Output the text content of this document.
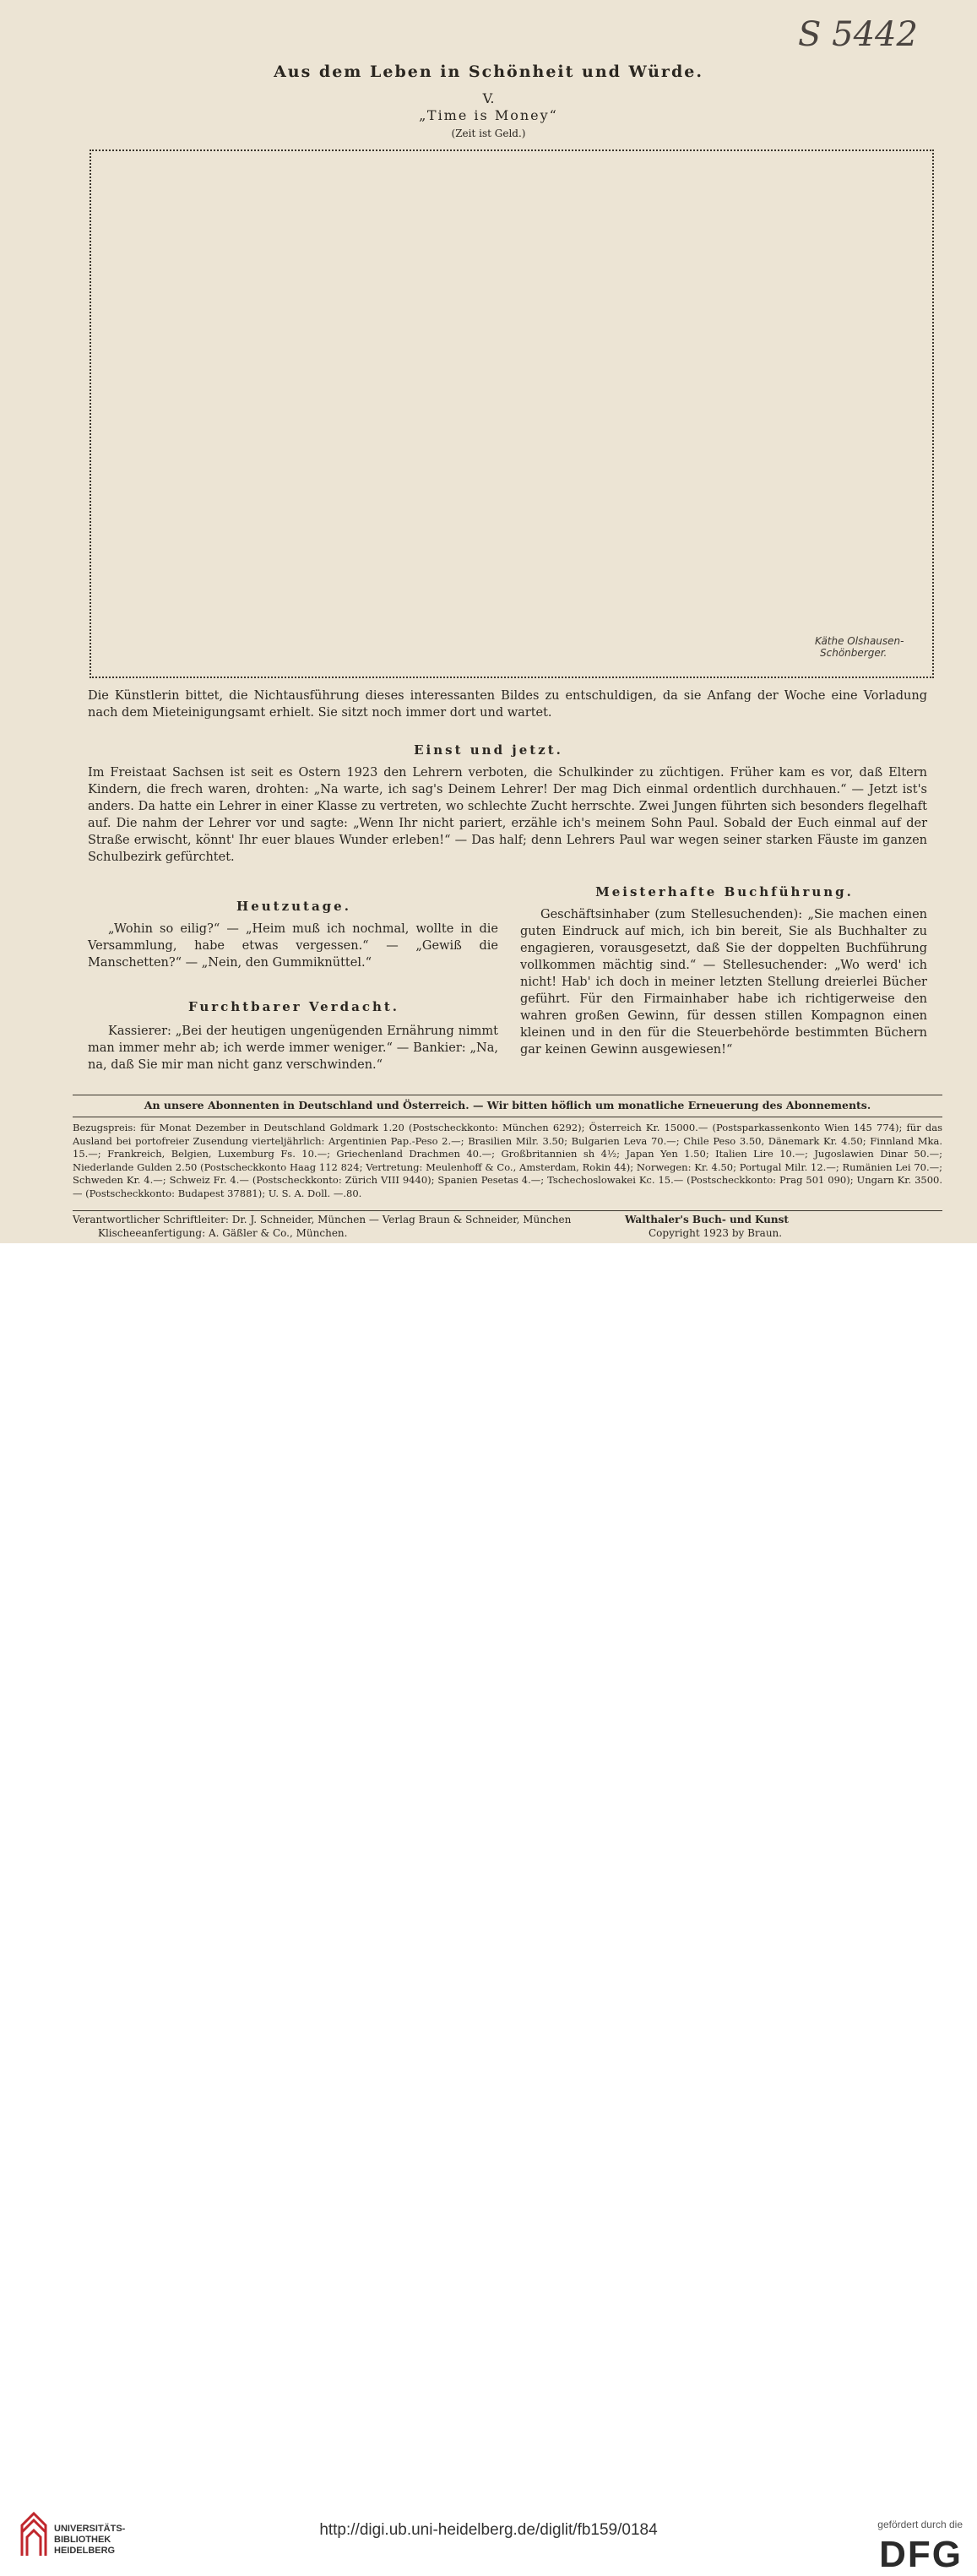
S 5442
Aus dem Leben in Schönheit und Würde.
V.
„Time is Money“
(Zeit ist Geld.)
Käthe Olshausen-
Schönberger.
Die Künstlerin bittet, die Nichtausführung dieses interessanten Bildes zu entschuldigen, da sie Anfang der Woche eine Vorladung nach dem Mieteinigungsamt erhielt. Sie sitzt noch immer dort und wartet.
Einst und jetzt.
Im Freistaat Sachsen ist seit es Ostern 1923 den Lehrern verboten, die Schulkinder zu züchtigen. Früher kam es vor, daß Eltern Kindern, die frech waren, drohten: „Na warte, ich sag's Deinem Lehrer! Der mag Dich einmal ordentlich durchhauen.“ — Jetzt ist's anders. Da hatte ein Lehrer in einer Klasse zu vertreten, wo schlechte Zucht herrschte. Zwei Jungen führten sich besonders flegelhaft auf. Die nahm der Lehrer vor und sagte: „Wenn Ihr nicht pariert, erzähle ich's meinem Sohn Paul. Sobald der Euch einmal auf der Straße erwischt, könnt' Ihr euer blaues Wunder erleben!“ — Das half; denn Lehrers Paul war wegen seiner starken Fäuste im ganzen Schulbezirk gefürchtet.
Heutzutage.
„Wohin so eilig?“ — „Heim muß ich nochmal, wollte in die Versammlung, habe etwas vergessen.“ — „Gewiß die Manschetten?“ — „Nein, den Gummiknüttel.“
Furchtbarer Verdacht.
Kassierer: „Bei der heutigen ungenügenden Ernährung nimmt man immer mehr ab; ich werde immer weniger.“ — Bankier: „Na, na, daß Sie mir man nicht ganz verschwinden.“
Meisterhafte Buchführung.
Geschäftsinhaber (zum Stellesuchenden): „Sie machen einen guten Eindruck auf mich, ich bin bereit, Sie als Buchhalter zu engagieren, vorausgesetzt, daß Sie der doppelten Buchführung vollkommen mächtig sind.“ — Stellesuchender: „Wo werd' ich nicht! Hab' ich doch in meiner letzten Stellung dreierlei Bücher geführt. Für den Firmainhaber habe ich richtigerweise den wahren großen Gewinn, für dessen stillen Kompagnon einen kleinen und in den für die Steuerbehörde bestimmten Büchern gar keinen Gewinn ausgewiesen!“
An unsere Abonnenten in Deutschland und Österreich. — Wir bitten höflich um monatliche Erneuerung des Abonnements.
Bezugspreis: für Monat Dezember in Deutschland Goldmark 1.20 (Postscheckkonto: München 6292); Österreich Kr. 15000.— (Postsparkassenkonto Wien 145 774); für das Ausland bei portofreier Zusendung vierteljährlich: Argentinien Pap.-Peso 2.—; Brasilien Milr. 3.50; Bulgarien Leva 70.—; Chile Peso 3.50, Dänemark Kr. 4.50; Finnland Mka. 15.—; Frankreich, Belgien, Luxemburg Fs. 10.—; Griechenland Drachmen 40.—; Großbritannien sh 4½; Japan Yen 1.50; Italien Lire 10.—; Jugoslawien Dinar 50.—; Niederlande Gulden 2.50 (Postscheckkonto Haag 112 824; Vertretung: Meulenhoff & Co., Amsterdam, Rokin 44); Norwegen: Kr. 4.50; Portugal Milr. 12.—; Rumänien Lei 70.—; Schweden Kr. 4.—; Schweiz Fr. 4.— (Postscheckkonto: Zürich VIII 9440); Spanien Pesetas 4.—; Tschechoslowakei Kc. 15.— (Postscheckkonto: Prag 501 090); Ungarn Kr. 3500.— (Postscheckkonto: Budapest 37881); U. S. A. Doll. —.80.
Verantwortlicher Schriftleiter: Dr. J. Schneider, München — Verlag Braun & Schneider, München	Walthaler's Buch- und Kunst
Klischeeanfertigung: A. Gäßler & Co., München.	Copyright 1923 by Braun.
UNIVERSITÄTS-
BIBLIOTHEK
HEIDELBERG
http://digi.ub.uni-heidelberg.de/diglit/fb159/0184	gefördert durch die
DFG
